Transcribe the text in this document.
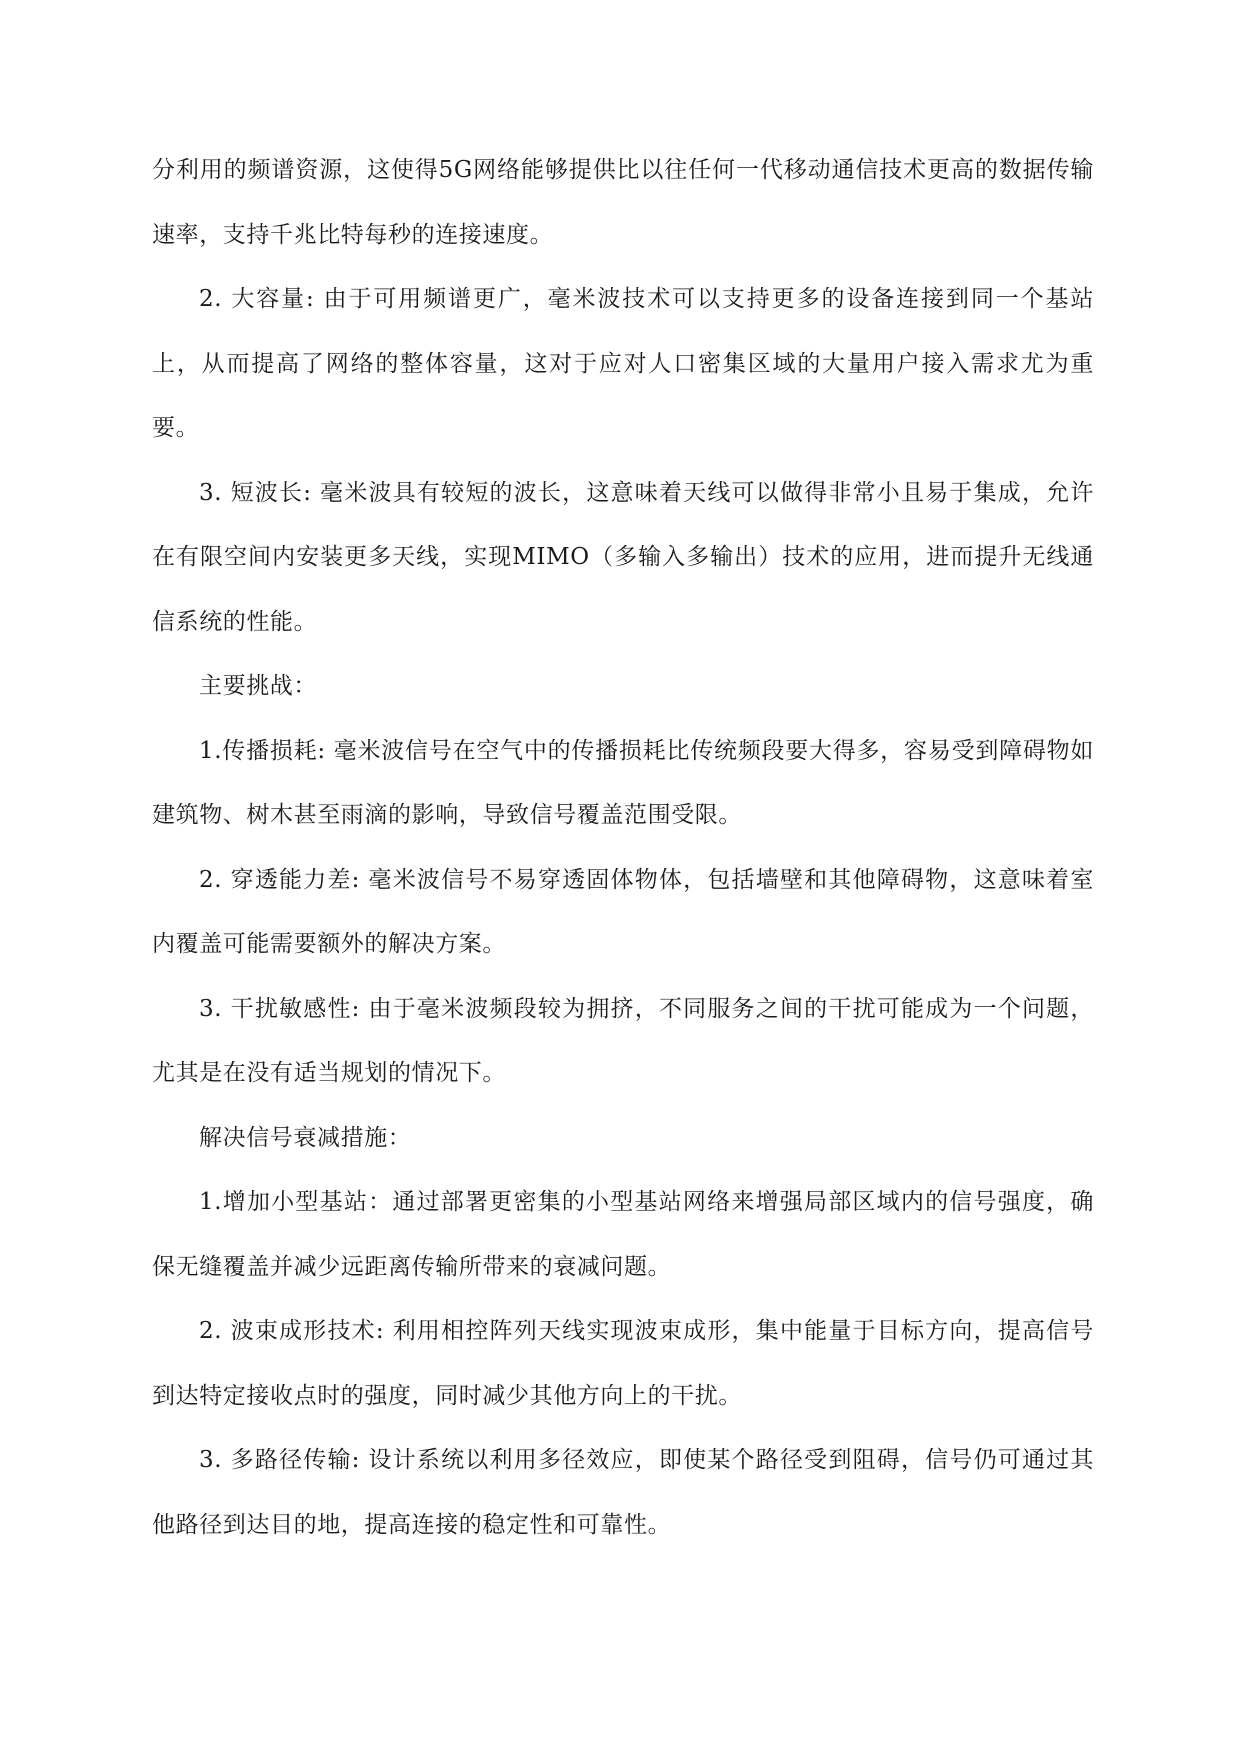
分利用的频谱资源，这使得5G网络能够提供比以往任何一代移动通信技术更高的数据传输速率，支持千兆比特每秒的连接速度。

2. 大容量: 由于可用频谱更广，毫米波技术可以支持更多的设备连接到同一个基站上，从而提高了网络的整体容量，这对于应对人口密集区域的大量用户接入需求尤为重要。

3. 短波长: 毫米波具有较短的波长，这意味着天线可以做得非常小且易于集成，允许在有限空间内安装更多天线，实现MIMO（多输入多输出）技术的应用，进而提升无线通信系统的性能。

主要挑战：

1.传播损耗: 毫米波信号在空气中的传播损耗比传统频段要大得多，容易受到障碍物如建筑物、树木甚至雨滴的影响，导致信号覆盖范围受限。

2. 穿透能力差: 毫米波信号不易穿透固体物体，包括墙壁和其他障碍物，这意味着室内覆盖可能需要额外的解决方案。

3. 干扰敏感性: 由于毫米波频段较为拥挤，不同服务之间的干扰可能成为一个问题，尤其是在没有适当规划的情况下。

解决信号衰减措施：

1.增加小型基站：通过部署更密集的小型基站网络来增强局部区域内的信号强度，确保无缝覆盖并减少远距离传输所带来的衰减问题。

2. 波束成形技术: 利用相控阵列天线实现波束成形，集中能量于目标方向，提高信号到达特定接收点时的强度，同时减少其他方向上的干扰。

3. 多路径传输: 设计系统以利用多径效应，即使某个路径受到阻碍，信号仍可通过其他路径到达目的地，提高连接的稳定性和可靠性。
